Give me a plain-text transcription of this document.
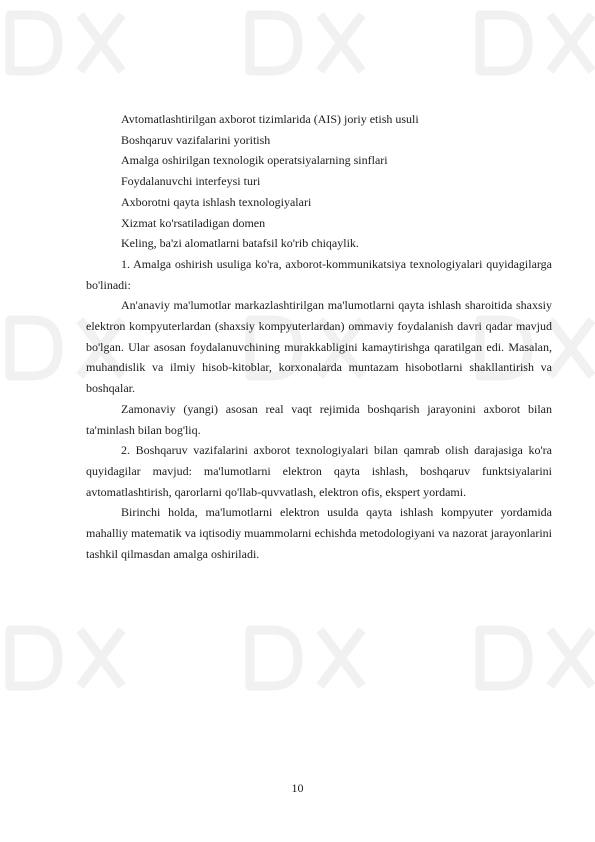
Avtomatlashtirilgan axborot tizimlarida (AIS) joriy etish usuli

Boshqaruv vazifalarini yoritish

Amalga oshirilgan texnologik operatsiyalarning sinflari

Foydalanuvchi interfeysi turi

Axborotni qayta ishlash texnologiyalari

Xizmat ko'rsatiladigan domen

Keling, ba'zi alomatlarni batafsil ko'rib chiqaylik.

1. Amalga oshirish usuliga ko'ra, axborot-kommunikatsiya texnologiyalari quyidagilarga bo'linadi:

An'anaviy ma'lumotlar markazlashtirilgan ma'lumotlarni qayta ishlash sharoitida shaxsiy elektron kompyuterlardan (shaxsiy kompyuterlardan) ommaviy foydalanish davri qadar mavjud bo'lgan. Ular asosan foydalanuvchining murakkabligini kamaytirishga qaratilgan edi. Masalan, muhandislik va ilmiy hisob-kitoblar, korxonalarda muntazam hisobotlarni shakllantirish va boshqalar.

Zamonaviy (yangi) asosan real vaqt rejimida boshqarish jarayonini axborot bilan ta'minlash bilan bog'liq.

2. Boshqaruv vazifalarini axborot texnologiyalari bilan qamrab olish darajasiga ko'ra quyidagilar mavjud: ma'lumotlarni elektron qayta ishlash, boshqaruv funktsiyalarini avtomatlashtirish, qarorlarni qo'llab-quvvatlash, elektron ofis, ekspert yordami.

Birinchi holda, ma'lumotlarni elektron usulda qayta ishlash kompyuter yordamida mahalliy matematik va iqtisodiy muammolarni echishda metodologiyani va nazorat jarayonlarini tashkil qilmasdan amalga oshiriladi.

10
